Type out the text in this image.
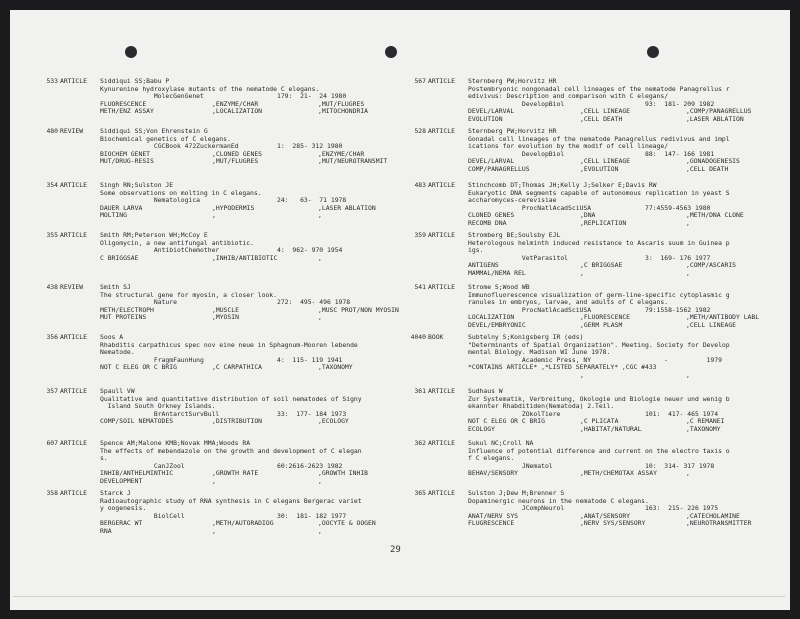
533 ARTICLE Siddiqui SS;Babu P
Kynurenine hydroxylase mutants of the nematode C elegans.
MolecGenGenet                   179:  21-  24 1980
FLUORESCENCE	,ENZYME/CHAR	,MUT/FLUGRES
METH/ENZ ASSAY	,LOCALIZATION	,MITOCHONDRIA
480 REVIEW	Siddiqui SS;Von Ehrenstein G
Biochemical genetics of C elegans.
CGCBook 472ZuckermanEd          1:  285- 312 1980
BIOCHEM GENET	,CLONED GENES	,ENZYME/CHAR
MUT/DRUG-RESIS	,MUT/FLUGRES	,MUT/NEUROTRANSMIT
354 ARTICLE Singh RN;Sulston JE
Some observations on molting in C elegans.
Nematologica                    24:   63-  71 1978
DAUER LARVA	,HYPODERMIS	,LASER ABLATION
MOLTING	,	,
355 ARTICLE Smith RM;Peterson WH;McCoy E
Oligomycin, a new antifungal antibiotic.
AntibiotChemother               4:  962- 970 1954
C BRIGGSAE	,INHIB/ANTIBIOTIC	,
438 REVIEW	Smith SJ
The structural gene for myosin, a closer look.
Nature                          272:  495- 496 1978
METH/ELECTROPH	,MUSCLE	,MUSC PROT/NON MYOSIN
MUT PROTEINS	,MYOSIN	,
356 ARTICLE Soos A
Rhabditis carpathicus spec nov eine neue in Sphagnum-Mooren lebende
Nematode.
FragmFaunHung                   4:  115- 119 1941
NOT C ELEG OR C BRIG	,C CARPATHICA	,TAXONOMY
357 ARTICLE Spaull VW
Qualitative and quantitative distribution of soil nematodes of Signy
Island South Orkney Islands.
BrAntarctSurvBull               33:  177- 184 1973
COMP/SOIL NEMATODES	,DISTRIBUTION	,ECOLOGY
607 ARTICLE Spence AM;Malone KMB;Novak MMA;Woods RA
The effects of mebendazole on the growth and development of C elegan
s.
CanJZool                        60:2616-2623 1982
INHIB/ANTHELMINTHIC	,GROWTH RATE	,GROWTH INHIB
DEVELOPMENT	,	,
358 ARTICLE Starck J
Radioautographic study of RNA synthesis in C elegans Bergerac variet
y oogenesis.
BiolCell                        30:  181- 182 1977
BERGERAC WT	,METH/AUTORADIOG	,OOCYTE & OOGEN
RNA	,	,
567 ARTICLE Sternberg PW;Horvitz HR
Postembryonic nongonadal cell lineages of the nematode Panagrellus r
edivivus: Description and comparison with C elegans/
DevelopBiol                     93:  181- 209 1982
DEVEL/LARVAL	,CELL LINEAGE	,COMP/PANAGRELLUS
EVOLUTION	,CELL DEATH	,LASER ABLATION
528 ARTICLE Sternberg PW;Horvitz HR
Gonadal cell lineages of the nematode Panagrellus redivivus and impl
ications for evolution by the modif of cell lineage/
DevelopBiol                     88:  147- 166 1981
DEVEL/LARVAL	,CELL LINEAGE	,GONADOGENESIS
COMP/PANAGRELLUS	,EVOLUTION	,CELL DEATH
483 ARTICLE Stinchcomb DT;Thomas JH;Kelly J;Selker E;Davis RW
Eukaryotic DNA segments capable of autonomous replication in yeast S
accharomyces-cerevisiae
ProcNatlAcadSciUSA              77:4559-4563 1980
CLONED GENES	,DNA	,METH/DNA CLONE
RECOMB DNA	,REPLICATION	,
359 ARTICLE Stromberg BE;Soulsby EJL
Heterologous helminth induced resistance to Ascaris suum in Guinea p
igs.
VetParasitol                    3:  169- 176 1977
ANTIGENS	,C BRIGGSAE	,COMP/ASCARIS
MAMMAL/NEMA REL	,	,
541 ARTICLE Strome S;Wood WB
Immunofluorescence visualization of germ-line-specific cytoplasmic g
ranules in embryos, larvae, and adults of C elegans.
ProcNatlAcadSciUSA              79:1558-1562 1982
LOCALIZATION	,FLUORESCENCE	,METH/ANTIBODY LABL
DEVEL/EMBRYONIC	,GERM PLASM	,CELL LINEAGE
4040 BOOK	Subtelny S;Konigsberg IR (eds)
"Determinants of Spatial Organization". Meeting. Society for Develop
mental Biology. Madison WI June 1978.
Academic Press, NY                   -          1979
*CONTAINS ARTICLE* ,*LISTED SEPARATELY* ,CGC #433
,	,
361 ARTICLE Sudhaus W
Zur Systematik, Verbreitung, Okologie und Biologie neuer und wenig b
ekannter Rhabditiden(Nematoda) 2.Teil.
ZOkolTiere                      101:  417- 465 1974
NOT C ELEG OR C BRIG	,C PLICATA	,C REMANEI
ECOLOGY	,HABITAT/NATURAL	,TAXONOMY
362 ARTICLE Sukul NC;Croll NA
Influence of potential difference and current on the electro taxis o
f C elegans.
JNematol                        10:  314- 317 1978
BEHAV/SENSORY	,METH/CHEMOTAX ASSAY	,
365 ARTICLE Sulston J;Dew M;Brenner S
Dopaminergic neurons in the nematode C elegans.
JCompNeurol                     163:  215- 226 1975
ANAT/NERV SYS	,ANAT/SENSORY	,CATECHOLAMINE
FLUGRESCENCE	,NERV SYS/SENSORY	,NEUROTRANSMITTER
29
